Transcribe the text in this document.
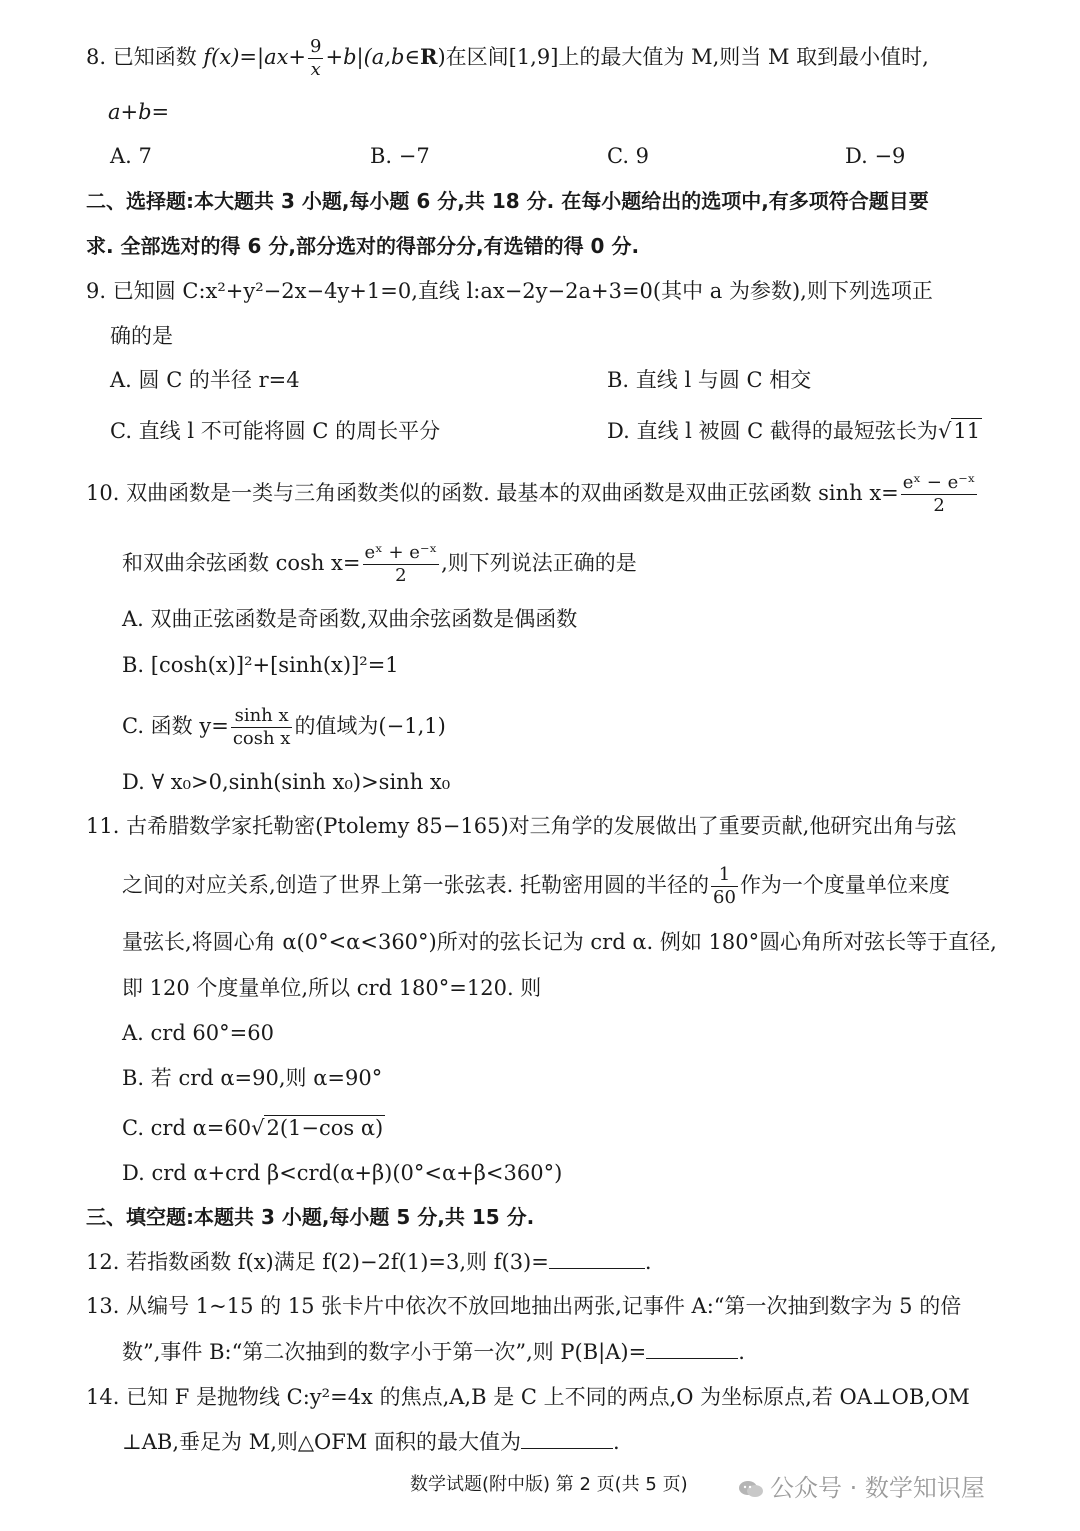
8. 已知函数 $f(x)=|ax+ \frac{9}{x}$ +b|(a,b∈R)在区间[1,9]上的最大值为 M,则当 M 取到最小值时,
a+b=
A. 7	B. −7	C. 9	D. −9
二、选择题:本大题共 3 小题,每小题 6 分,共 18 分. 在每小题给出的选项中,有多项符合题目要
求. 全部选对的得 6 分,部分选对的得部分分,有选错的得 0 分.
9. 已知圆 C:x²+y²−2x−4y+1=0,直线 l:ax−2y−2a+3=0(其中 a 为参数),则下列选项正
确的是
A. 圆 C 的半径 r=4	B. 直线 l 与圆 C 相交
C. 直线 l 不可能将圆 C 的周长平分	D. 直线 l 被圆 C 截得的最短弦长为√11
10. 双曲函数是一类与三角函数类似的函数. 最基本的双曲函数是双曲正弦函数 $\sinh x= \frac{\text{eˣ − e⁻ˣ}}{2}$
和双曲余弦函数 $\cosh x= \frac{\text{eˣ + e⁻ˣ}}{2}$ ,则下列说法正确的是
A. 双曲正弦函数是奇函数,双曲余弦函数是偶函数
B. [cosh(x)]²+[sinh(x)]²=1
C. 函数 $y= \frac{\text{sinh x}}{\text{cosh x}}$ 的值域为(−1,1)
D. ∀ x₀>0,sinh(sinh x₀)>sinh x₀
11. 古希腊数学家托勒密(Ptolemy 85−165)对三角学的发展做出了重要贡献,他研究出角与弦
之间的对应关系,创造了世界上第一张弦表. 托勒密用圆的半径的 $\frac{1}{60}$ 作为一个度量单位来度
量弦长,将圆心角 α(0°<α<360°)所对的弦长记为 crd α. 例如 180°圆心角所对弦长等于直径,
即 120 个度量单位,所以 crd 180°=120. 则
A. crd 60°=60
B. 若 crd α=90,则 α=90°
C. crd α=60√2(1−cos α)
D. crd α+crd β<crd(α+β)(0°<α+β<360°)
三、填空题:本题共 3 小题,每小题 5 分,共 15 分.
12. 若指数函数 f(x)满足 f(2)−2f(1)=3,则 f(3)=	.
13. 从编号 1~15 的 15 张卡片中依次不放回地抽出两张,记事件 A:“第一次抽到数字为 5 的倍
数”,事件 B:“第二次抽到的数字小于第一次”,则 P(B|A)=	.
14. 已知 F 是抛物线 C:y²=4x 的焦点,A,B 是 C 上不同的两点,O 为坐标原点,若 OA⊥OB,OM
⊥AB,垂足为 M,则△OFM 面积的最大值为	.
数学试题(附中版) 第 2 页(共 5 页)	公众号 · 数学知识屋
